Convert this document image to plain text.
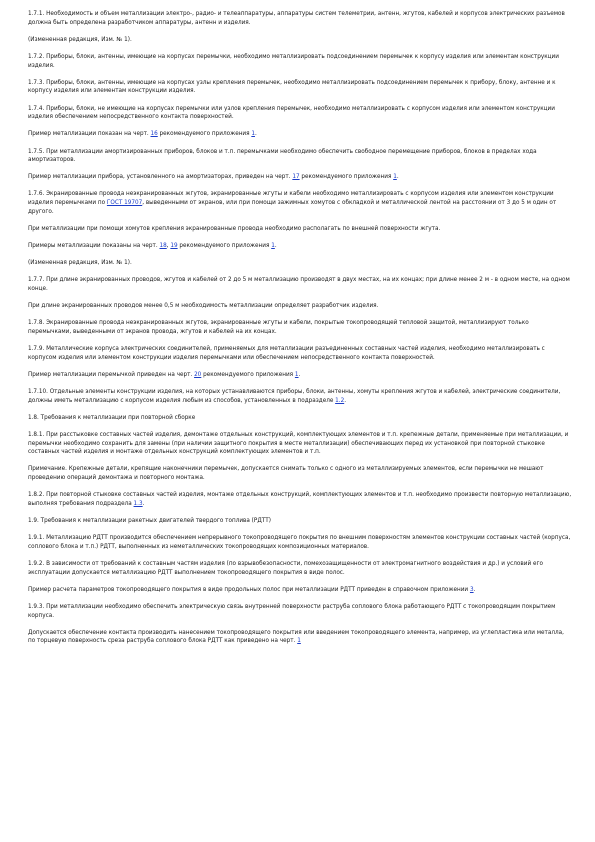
1.7.1. Необходимость и объем металлизации электро-, радио- и телеаппаратуры, аппаратуры систем телеметрии, антенн, жгутов, кабелей и корпусов электрических разъемов должна быть определена разработчиком аппаратуры, антенн и изделия.

(Измененная редакция, Изм. № 1).

1.7.2. Приборы, блоки, антенны, имеющие на корпусах перемычки, необходимо металлизировать подсоединением перемычек к корпусу изделия или элементам конструкции изделия.

1.7.3. Приборы, блоки, антенны, имеющие на корпусах узлы крепления перемычек, необходимо металлизировать подсоединением перемычек к прибору, блоку, антенне и к корпусу изделия или элементам конструкции изделия.

1.7.4. Приборы, блоки, не имеющие на корпусах перемычки или узлов крепления перемычек, необходимо металлизировать с корпусом изделия или элементом конструкции изделия обеспечением непосредственного контакта поверхностей.

Пример металлизации показан на черт. 16 рекомендуемого приложения 1.

1.7.5. При металлизации амортизированных приборов, блоков и т.п. перемычками необходимо обеспечить свободное перемещение приборов, блоков в пределах хода амортизаторов.

Пример металлизации прибора, установленного на амортизаторах, приведен на черт. 17 рекомендуемого приложения 1.

1.7.6. Экранированные провода неэкранированных жгутов, экранированные жгуты и кабели необходимо металлизировать с корпусом изделия или элементом конструкции изделия перемычками по ГОСТ 19707, выведенными от экранов, или при помощи зажимных хомутов с обкладкой и металлической лентой на расстоянии от 3 до 5 м один от другого.

При металлизации при помощи хомутов крепления экранированные провода необходимо располагать по внешней поверхности жгута.

Примеры металлизации показаны на черт. 18, 19 рекомендуемого приложения 1.

(Измененная редакция, Изм. № 1).

1.7.7. При длине экранированных проводов, жгутов и кабелей от 2 до 5 м металлизацию производят в двух местах, на их концах; при длине менее 2 м - в одном месте, на одном конце.

При длине экранированных проводов менее 0,5 м необходимость металлизации определяет разработчик изделия.

1.7.8. Экранированные провода неэкранированных жгутов, экранированные жгуты и кабели, покрытые токопроводящей тепловой защитой, металлизируют только перемычками, выведенными от экранов провода, жгутов и кабелей на их концах.

1.7.9. Металлические корпуса электрических соединителей, применяемых для металлизации разъединенных составных частей изделия, необходимо металлизировать с корпусом изделия или элементом конструкции изделия перемычками или обеспечением непосредственного контакта поверхностей.

Пример металлизации перемычкой приведен на черт. 20 рекомендуемого приложения 1.

1.7.10. Отдельные элементы конструкции изделия, на которых устанавливаются приборы, блоки, антенны, хомуты крепления жгутов и кабелей, электрические соединители, должны иметь металлизацию с корпусом изделия любым из способов, установленных в подразделе 1.2.

1.8. Требования к металлизации при повторной сборке

1.8.1. При расстыковке составных частей изделия, демонтаже отдельных конструкций, комплектующих элементов и т.п. крепежные детали, применяемые при металлизации, и перемычки необходимо сохранить для замены (при наличии защитного покрытия в месте металлизации) обеспечивающих перед их установкой при повторной стыковке составных частей изделия и монтаже отдельных конструкций комплектующих элементов и т.п.

Примечание. Крепежные детали, крепящие наконечники перемычек, допускается снимать только с одного из металлизируемых элементов, если перемычки не мешают проведению операций демонтажа и повторного монтажа.

1.8.2. При повторной стыковке составных частей изделия, монтаже отдельных конструкций, комплектующих элементов и т.п. необходимо произвести повторную металлизацию, выполняя требования подраздела 1.3.

1.9. Требования к металлизации ракетных двигателей твердого топлива (РДТТ)

1.9.1. Металлизацию РДТТ производится обеспечением непрерывного токопроводящего покрытия по внешним поверхностям элементов конструкции составных частей (корпуса, соплового блока и т.п.) РДТТ, выполненных из неметаллических токопроводящих композиционных материалов.

1.9.2. В зависимости от требований к составным частям изделия (по взрывобезопасности, помехозащищенности от электромагнитного воздействия и др.) и условий его эксплуатации допускается металлизацию РДТТ выполнением токопроводящего покрытия в виде полос.

Пример расчета параметров токопроводящего покрытия в виде продольных полос при металлизации РДТТ приведен в справочном приложении 3.

1.9.3. При металлизации необходимо обеспечить электрическую связь внутренней поверхности раструба соплового блока работающего РДТТ с токопроводящим покрытием корпуса.

Допускается обеспечение контакта производить нанесением токопроводящего покрытия или введением токопроводящего элемента, например, из углепластика или металла, по торцевую поверхность среза раструба соплового блока РДТТ как приведено на черт. 1
